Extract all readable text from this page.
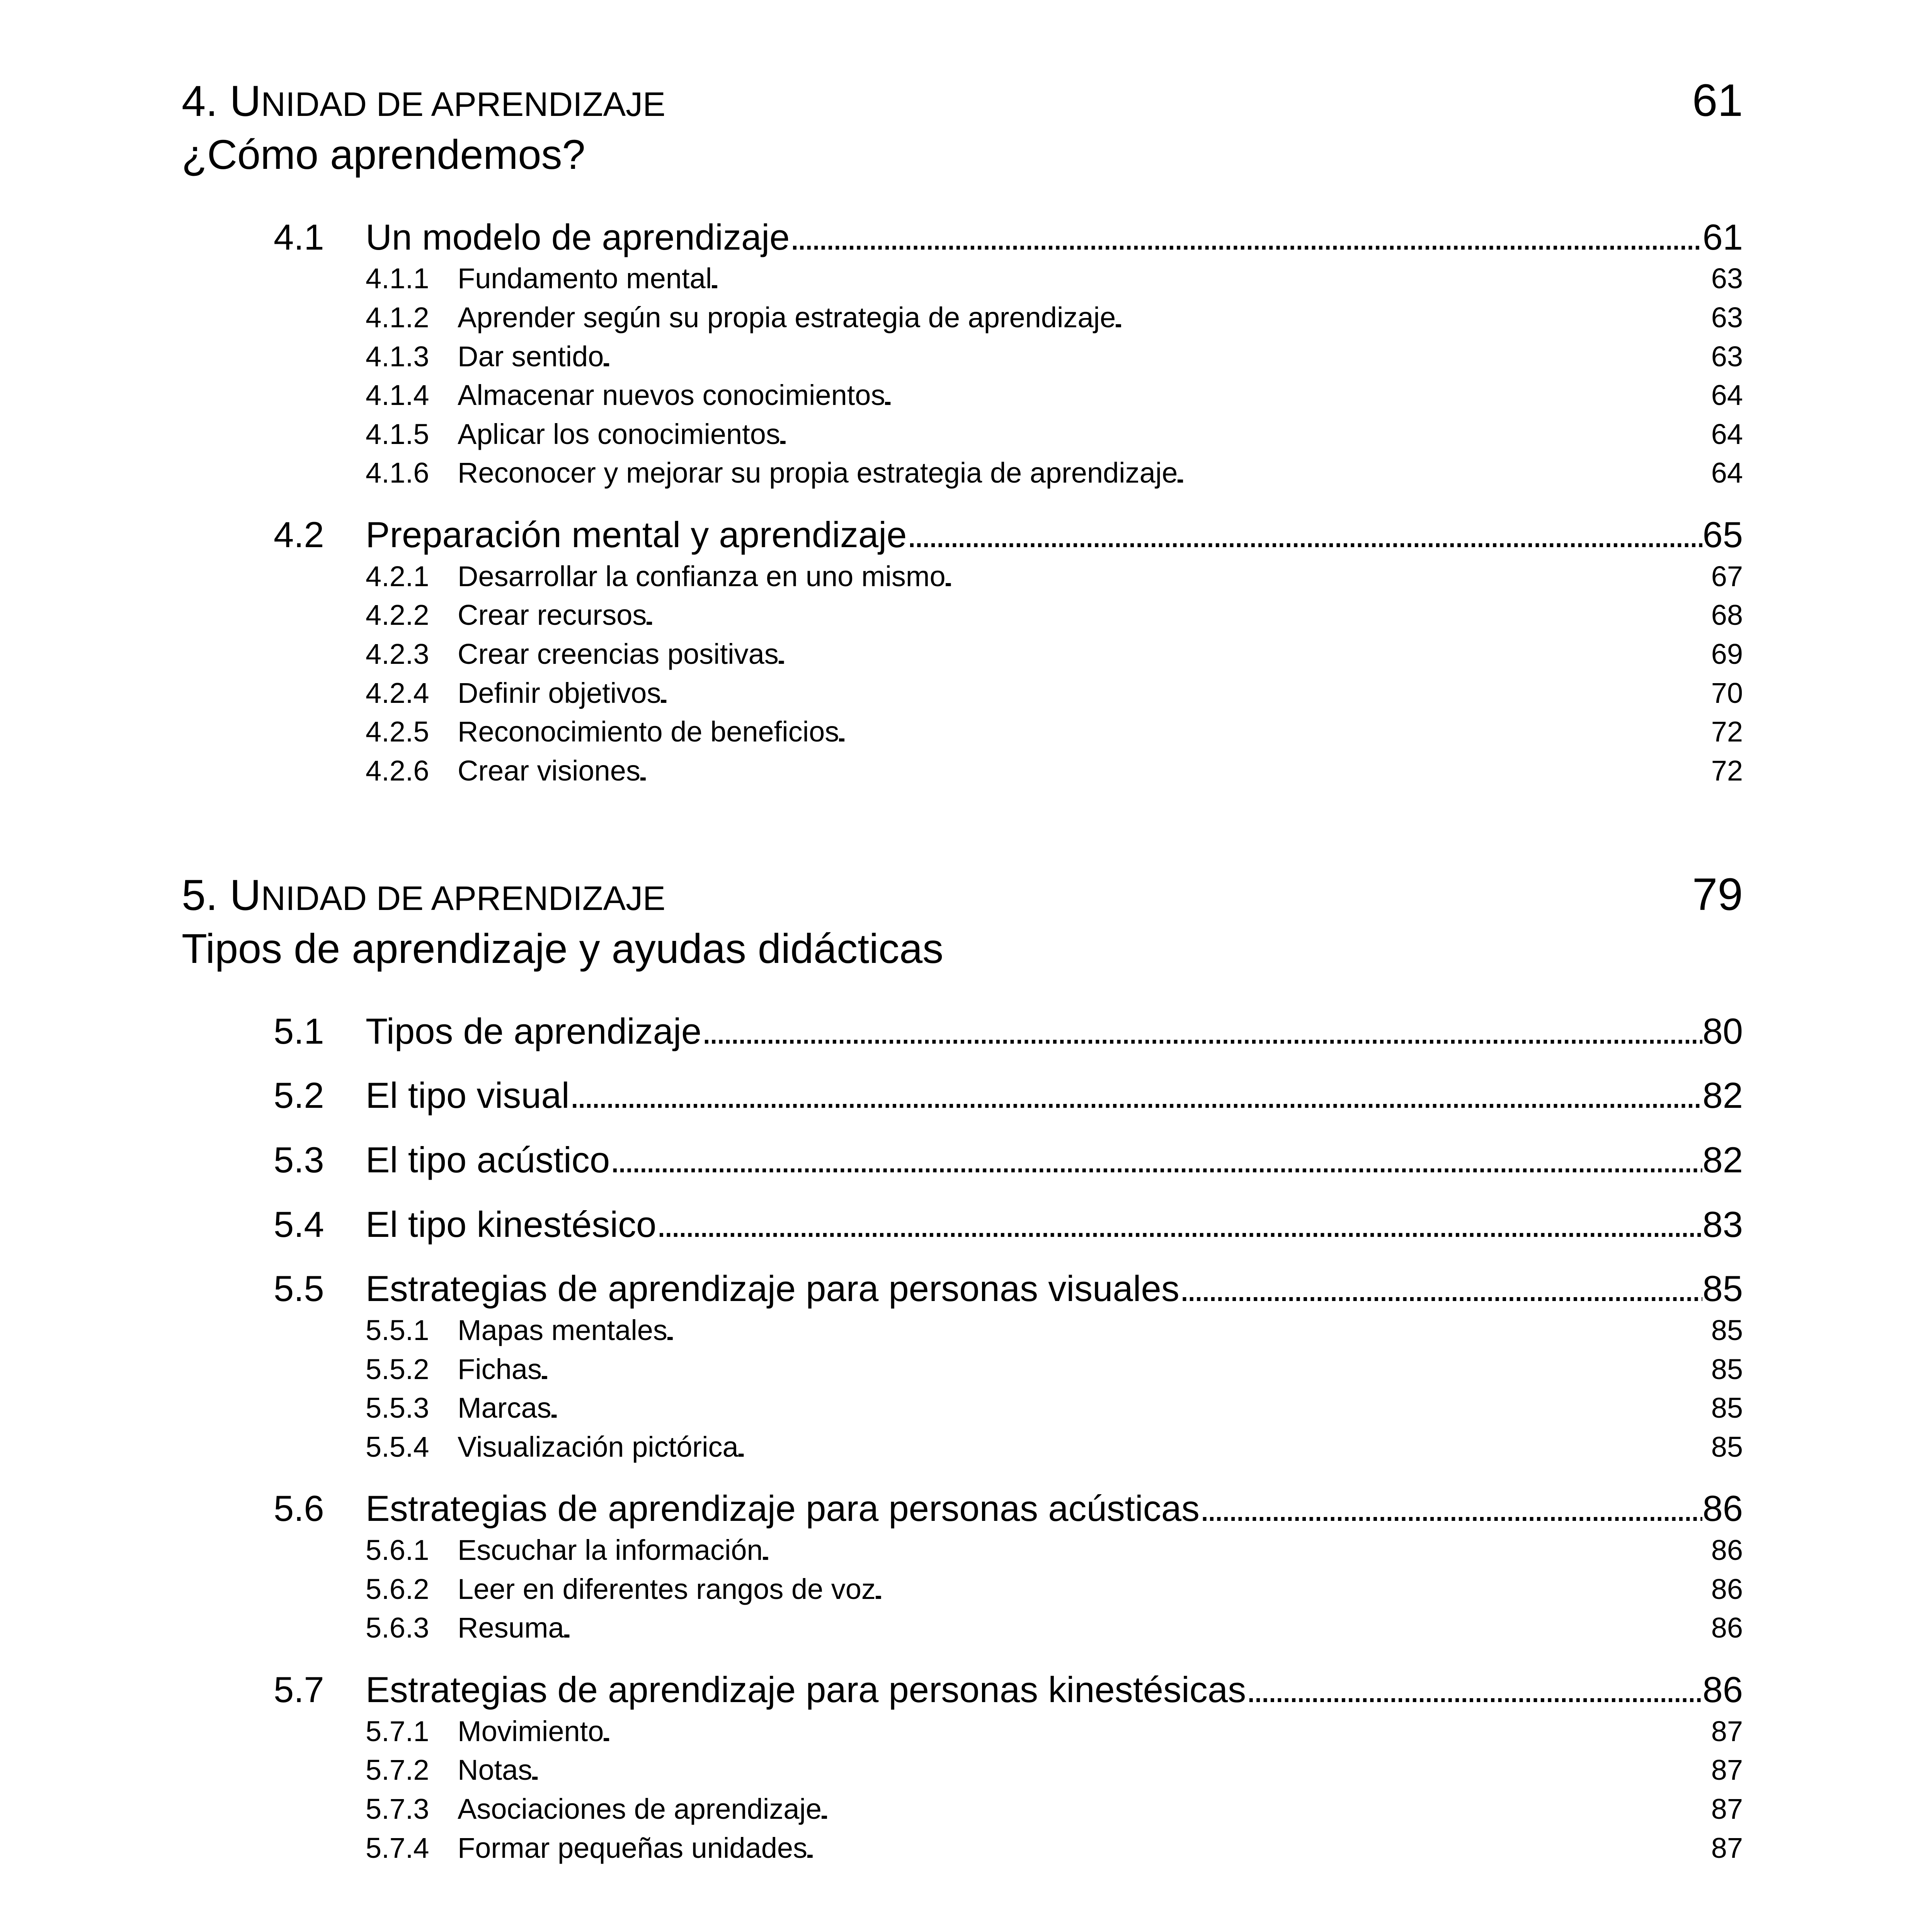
4. UNIDAD DE APRENDIZAJE	61
¿Cómo aprendemos?
4.1	Un modelo de aprendizaje . . .	61
4.1.1 Fundamento mental . . .	63
4.1.2 Aprender según su propia estrategia de aprendizaje . . .	63
4.1.3 Dar sentido . . .	63
4.1.4 Almacenar nuevos conocimientos . . .	64
4.1.5 Aplicar los conocimientos . . .	64
4.1.6 Reconocer y mejorar su propia estrategia de aprendizaje . . .	64
4.2	Preparación mental y aprendizaje . . .	65
4.2.1 Desarrollar la confianza en uno mismo . . .	67
4.2.2 Crear recursos . . .	68
4.2.3 Crear creencias positivas . . .	69
4.2.4 Definir objetivos . . .	70
4.2.5 Reconocimiento de beneficios . . .	72
4.2.6 Crear visiones . . .	72
5. UNIDAD DE APRENDIZAJE	79
Tipos de aprendizaje y ayudas didácticas
5.1	Tipos de aprendizaje . . .	80
5.2	El tipo visual . . .	82
5.3	El tipo acústico . . .	82
5.4	El tipo kinestésico . . .	83
5.5	Estrategias de aprendizaje para personas visuales . . .	85
5.5.1 Mapas mentales . . .	85
5.5.2 Fichas . . .	85
5.5.3 Marcas . . .	85
5.5.4 Visualización pictórica . . .	85
5.6	Estrategias de aprendizaje para personas acústicas . . .	86
5.6.1 Escuchar la información . . .	86
5.6.2 Leer en diferentes rangos de voz . . .	86
5.6.3 Resuma . . .	86
5.7	Estrategias de aprendizaje para personas kinestésicas . . .	86
5.7.1 Movimiento . . .	87
5.7.2 Notas . . .	87
5.7.3 Asociaciones de aprendizaje . . .	87
5.7.4 Formar pequeñas unidades . . .	87
